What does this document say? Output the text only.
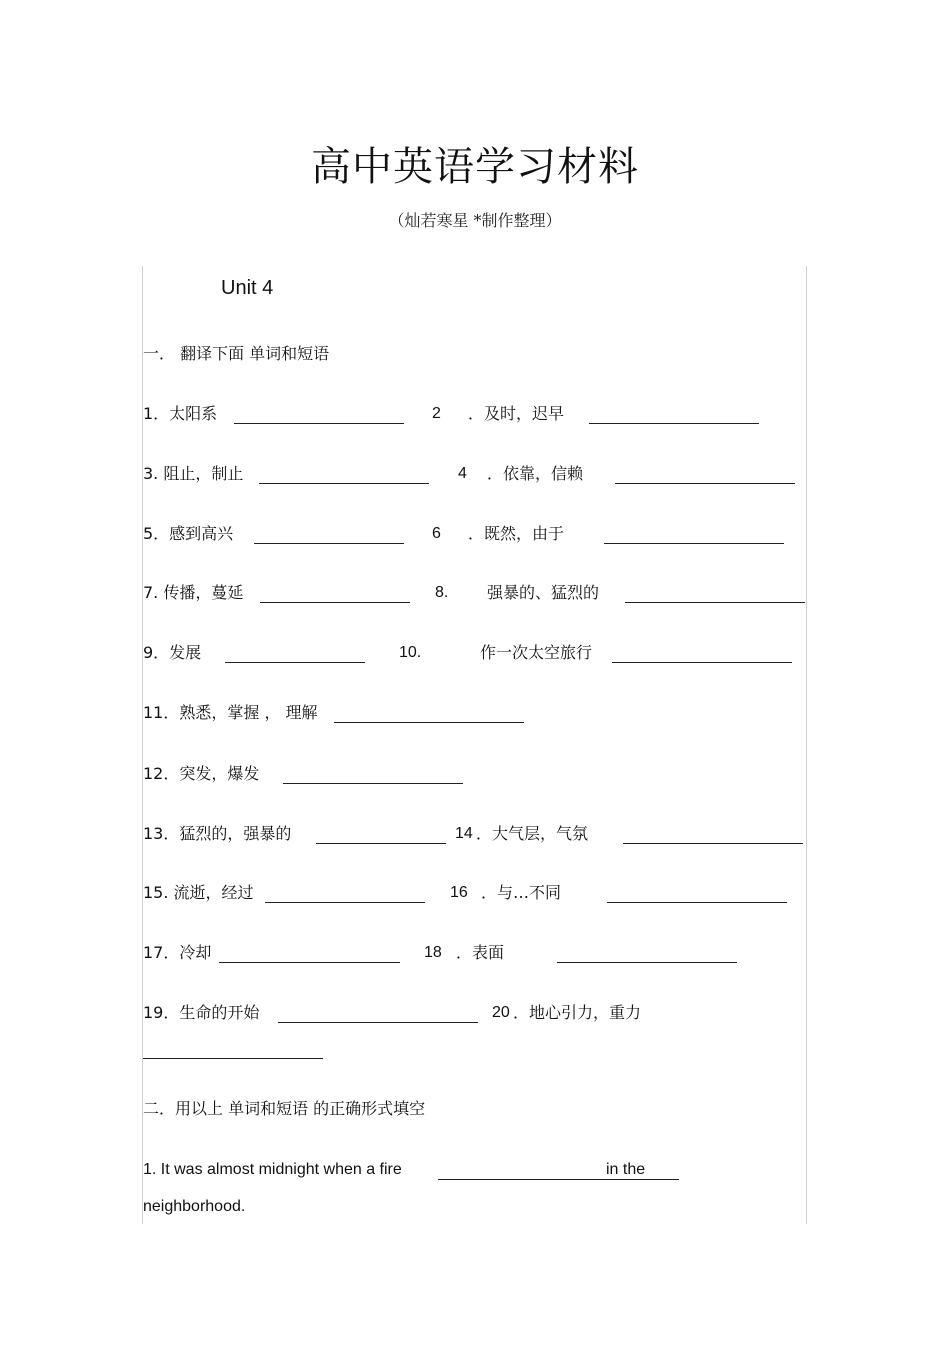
高中英语学习材料
（灿若寒星 *制作整理）
Unit 4
一． 翻译下面 单词和短语
1．太阳系	2 ．及时，迟早
3. 阻止，制止	4 ．依靠，信赖
5．感到高兴	6 ．既然，由于
7. 传播，蔓延	8. 强暴的、猛烈的
9．发展	10.	作一次太空旅行
11．熟悉，掌握 ， 理解
12．突发，爆发
13．猛烈的，强暴的	14 ．大气层，气氛
15. 流逝，经过	16 ．与…不同
17．冷却	18 ．表面
19．生命的开始	20 ．地心引力，重力
二．用以上 单词和短语 的正确形式填空
1. It was almost midnight when a fire	in the
neighborhood.
